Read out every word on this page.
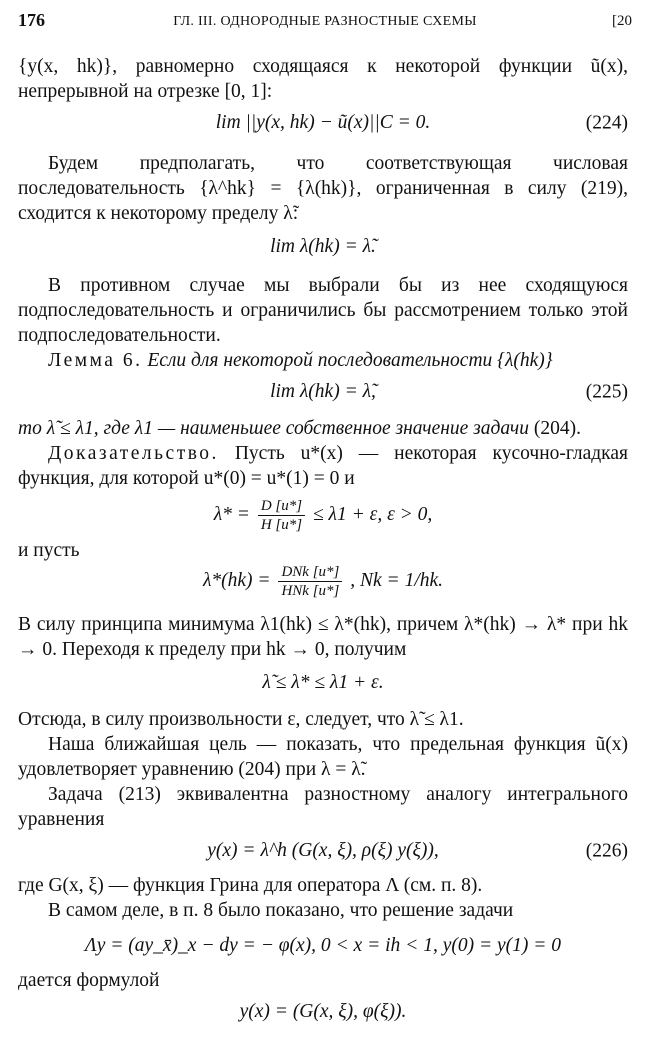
176	ГЛ. III. ОДНОРОДНЫЕ РАЗНОСТНЫЕ СХЕМЫ	[20

{y(x, hk)}, равномерно сходящаяся к некоторой функции ũ(x), непрерывной на отрезке [0, 1]:

lim ||y(x, hk) − ũ(x)||C = 0.	(224)

Будем предполагать, что соответствующая числовая последовательность {λ^hk} = {λ(hk)}, ограниченная в силу (219), сходится к некоторому пределу λ̃:

lim λ(hk) = λ̃.

В противном случае мы выбрали бы из нее сходящуюся подпоследовательность и ограничились бы рассмотрением только этой подпоследовательности.

Лемма 6. Если для некоторой последовательности {λ(hk)}

lim λ(hk) = λ̃,	(225)

то λ̃ ≤ λ1, где λ1 — наименьшее собственное значение задачи (204).

Доказательство. Пусть u*(x) — некоторая кусочно-гладкая функция, для которой u*(0) = u*(1) = 0 и

$\lambda* = \frac{D [u*]}{H [u*]} \le \lambda 1 + \varepsilon$, ε > 0,

и пусть

$\lambda*(hk) = \frac{\text{DNk [u*]}}{\text{HNk [u*]}}$ , Nk = 1/hk.

В силу принципа минимума λ1(hk) ≤ λ*(hk), причем λ*(hk) → λ* при hk → 0. Переходя к пределу при hk → 0, получим

λ̃ ≤ λ* ≤ λ1 + ε.

Отсюда, в силу произвольности ε, следует, что λ̃ ≤ λ1.

Наша ближайшая цель — показать, что предельная функция ũ(x) удовлетворяет уравнению (204) при λ = λ̃.

Задача (213) эквивалентна разностному аналогу интегрального уравнения

y(x) = λ^h (G(x, ξ), ρ(ξ) y(ξ)),	(226)

где G(x, ξ) — функция Грина для оператора Λ (см. п. 8).

В самом деле, в п. 8 было показано, что решение задачи

Λy = (ay_x̄)_x − dy = − φ(x), 0 < x = ih < 1, y(0) = y(1) = 0

дается формулой

y(x) = (G(x, ξ), φ(ξ)).
